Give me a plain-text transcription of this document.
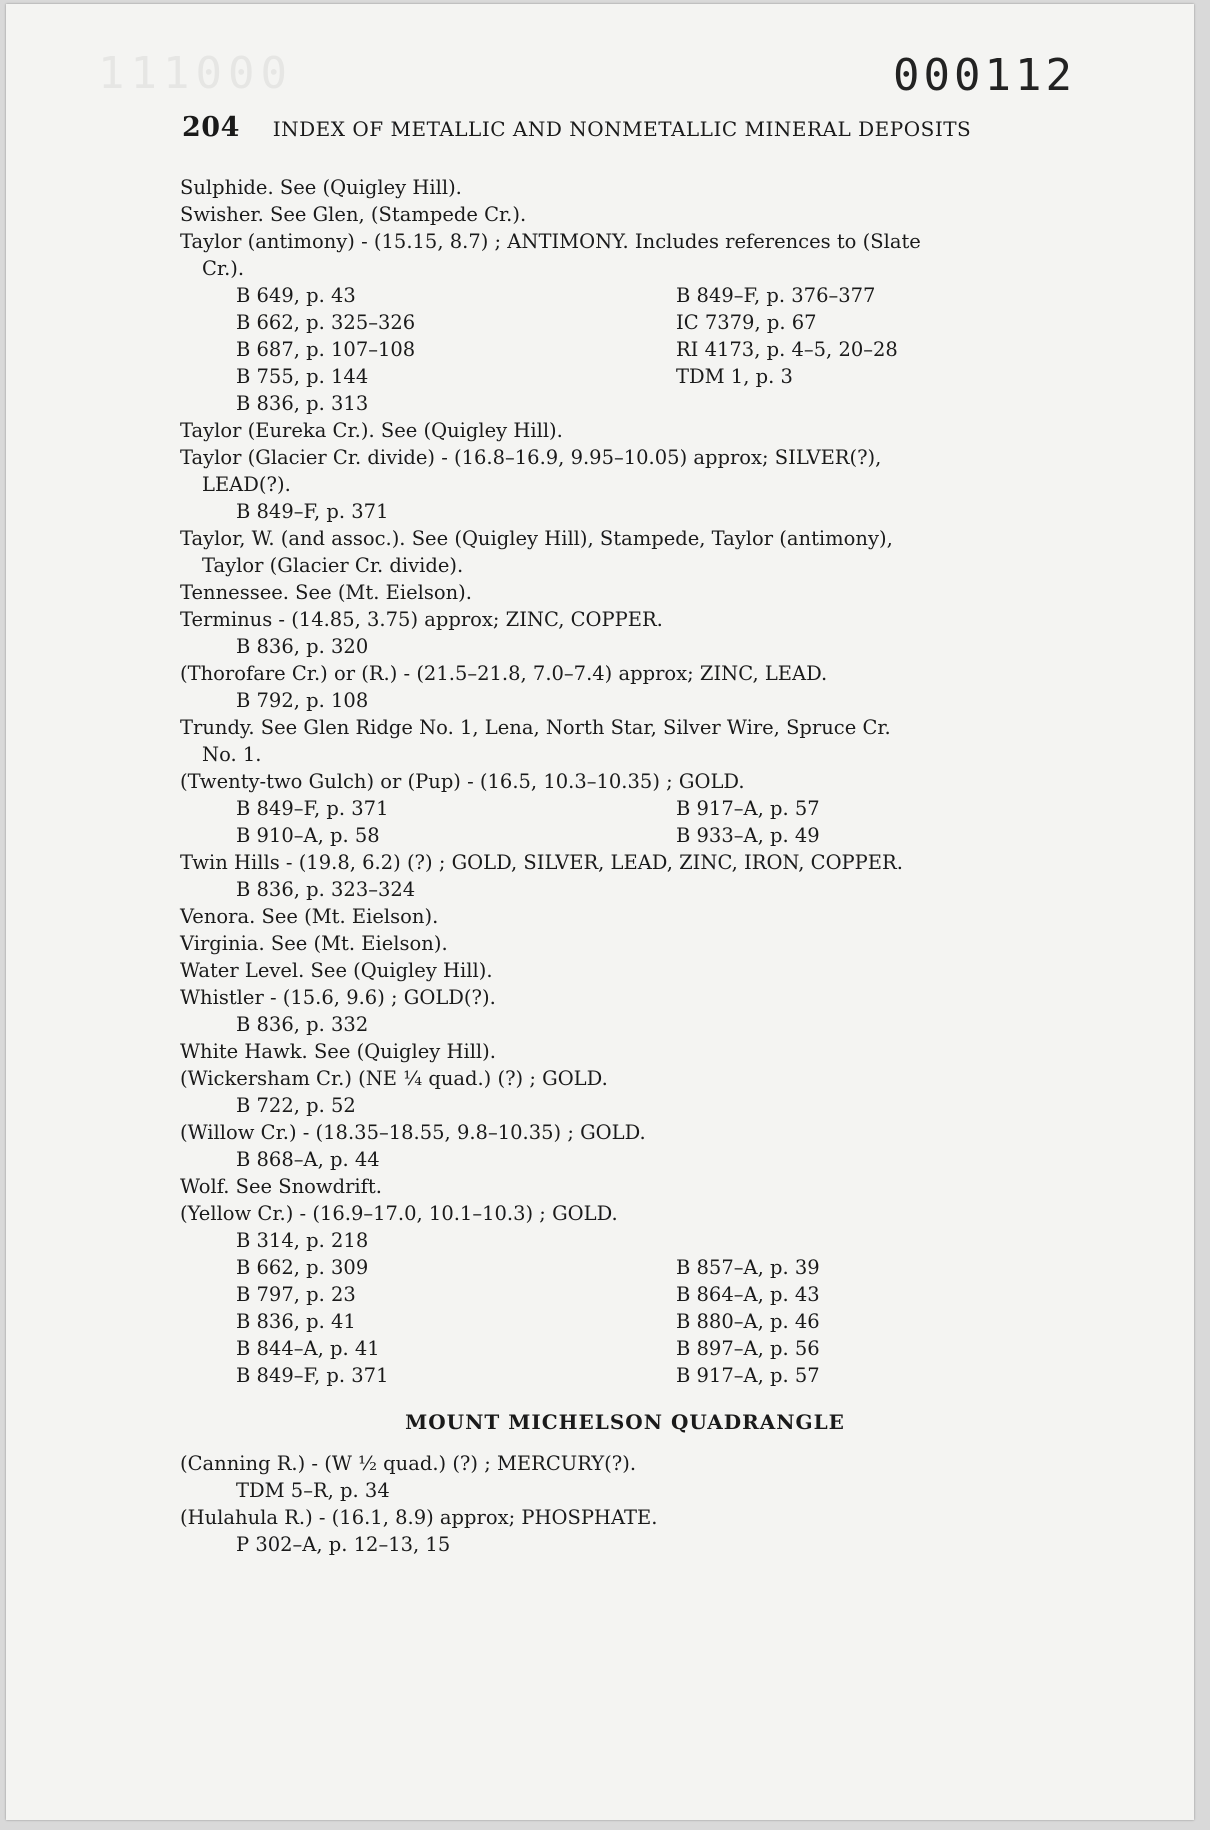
111000	000112
204 INDEX OF METALLIC AND NONMETALLIC MINERAL DEPOSITS
Sulphide. See (Quigley Hill).
Swisher. See Glen, (Stampede Cr.).
Taylor (antimony) - (15.15, 8.7) ; ANTIMONY. Includes references to (Slate
Cr.).
B 649, p. 43
B 662, p. 325–326
B 687, p. 107–108
B 755, p. 144
B 836, p. 313
B 849–F, p. 376–377
IC 7379, p. 67
RI 4173, p. 4–5, 20–28
TDM 1, p. 3
Taylor (Eureka Cr.). See (Quigley Hill).
Taylor (Glacier Cr. divide) - (16.8–16.9, 9.95–10.05) approx; SILVER(?),
LEAD(?).
B 849–F, p. 371
Taylor, W. (and assoc.). See (Quigley Hill), Stampede, Taylor (antimony),
Taylor (Glacier Cr. divide).
Tennessee. See (Mt. Eielson).
Terminus - (14.85, 3.75) approx; ZINC, COPPER.
B 836, p. 320
(Thorofare Cr.) or (R.) - (21.5–21.8, 7.0–7.4) approx; ZINC, LEAD.
B 792, p. 108
Trundy. See Glen Ridge No. 1, Lena, North Star, Silver Wire, Spruce Cr.
No. 1.
(Twenty-two Gulch) or (Pup) - (16.5, 10.3–10.35) ; GOLD.
B 849–F, p. 371
B 910–A, p. 58
B 917–A, p. 57
B 933–A, p. 49
Twin Hills - (19.8, 6.2) (?) ; GOLD, SILVER, LEAD, ZINC, IRON, COPPER.
B 836, p. 323–324
Venora. See (Mt. Eielson).
Virginia. See (Mt. Eielson).
Water Level. See (Quigley Hill).
Whistler - (15.6, 9.6) ; GOLD(?).
B 836, p. 332
White Hawk. See (Quigley Hill).
(Wickersham Cr.) (NE ¼ quad.) (?) ; GOLD.
B 722, p. 52
(Willow Cr.) - (18.35–18.55, 9.8–10.35) ; GOLD.
B 868–A, p. 44
Wolf. See Snowdrift.
(Yellow Cr.) - (16.9–17.0, 10.1–10.3) ; GOLD.
B 314, p. 218
B 662, p. 309
B 797, p. 23
B 836, p. 41
B 844–A, p. 41
B 849–F, p. 371

B 857–A, p. 39
B 864–A, p. 43
B 880–A, p. 46
B 897–A, p. 56
B 917–A, p. 57
MOUNT MICHELSON QUADRANGLE
(Canning R.) - (W ½ quad.) (?) ; MERCURY(?).
TDM 5–R, p. 34
(Hulahula R.) - (16.1, 8.9) approx; PHOSPHATE.
P 302–A, p. 12–13, 15
